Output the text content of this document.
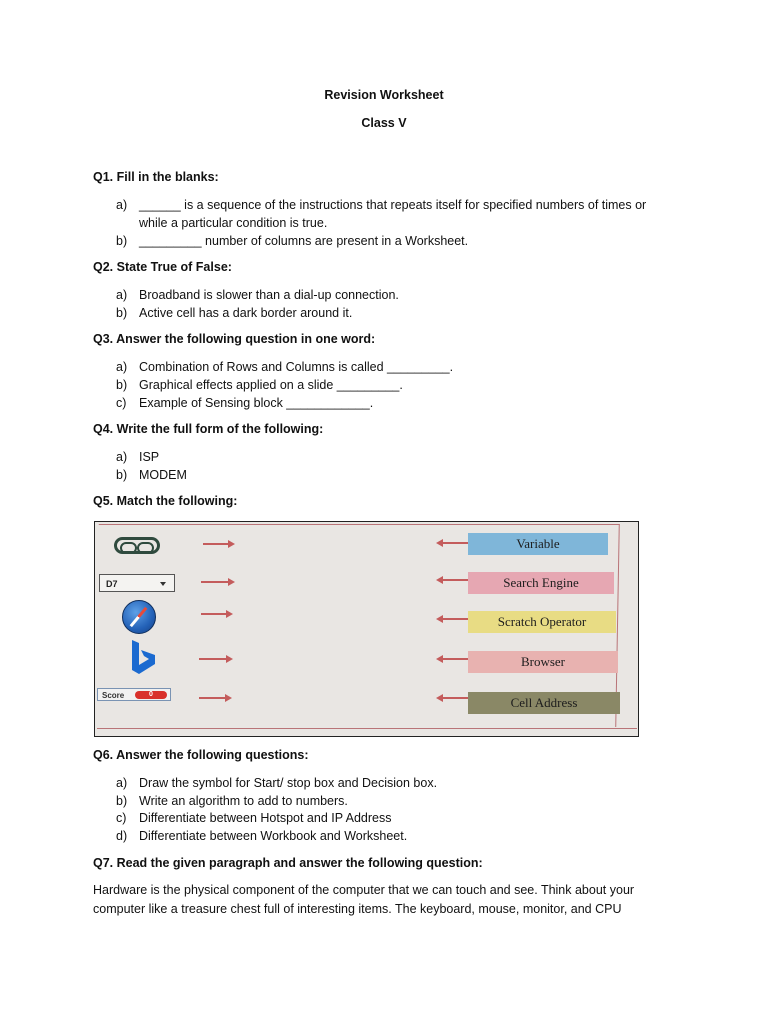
Revision Worksheet
Class V
Q1. Fill in the blanks:
a) ______ is a sequence of the instructions that repeats itself for specified numbers of times or while a particular condition is true.
b) _________ number of columns are present in a Worksheet.
Q2. State True of False:
a) Broadband is slower than a dial-up connection.
b) Active cell has a dark border around it.
Q3. Answer the following question in one word:
a) Combination of Rows and Columns is called _________.
b) Graphical effects applied on a slide _________.
c)	Example of Sensing block ____________.
Q4. Write the full form of the following:
a) ISP
b) MODEM
Q5. Match the following:
D7
Score	0
Variable
Search Engine
Scratch Operator
Browser
Cell Address
Q6. Answer the following questions:
a) Draw the symbol for Start/ stop box and Decision box.
b) Write an algorithm to add to numbers.
c)	Differentiate between Hotspot and IP Address
d) Differentiate between Workbook and Worksheet.
Q7. Read the given paragraph and answer the following question:
Hardware is the physical component of the computer that we can touch and see. Think about your computer like a treasure chest full of interesting items. The keyboard, mouse, monitor, and CPU
